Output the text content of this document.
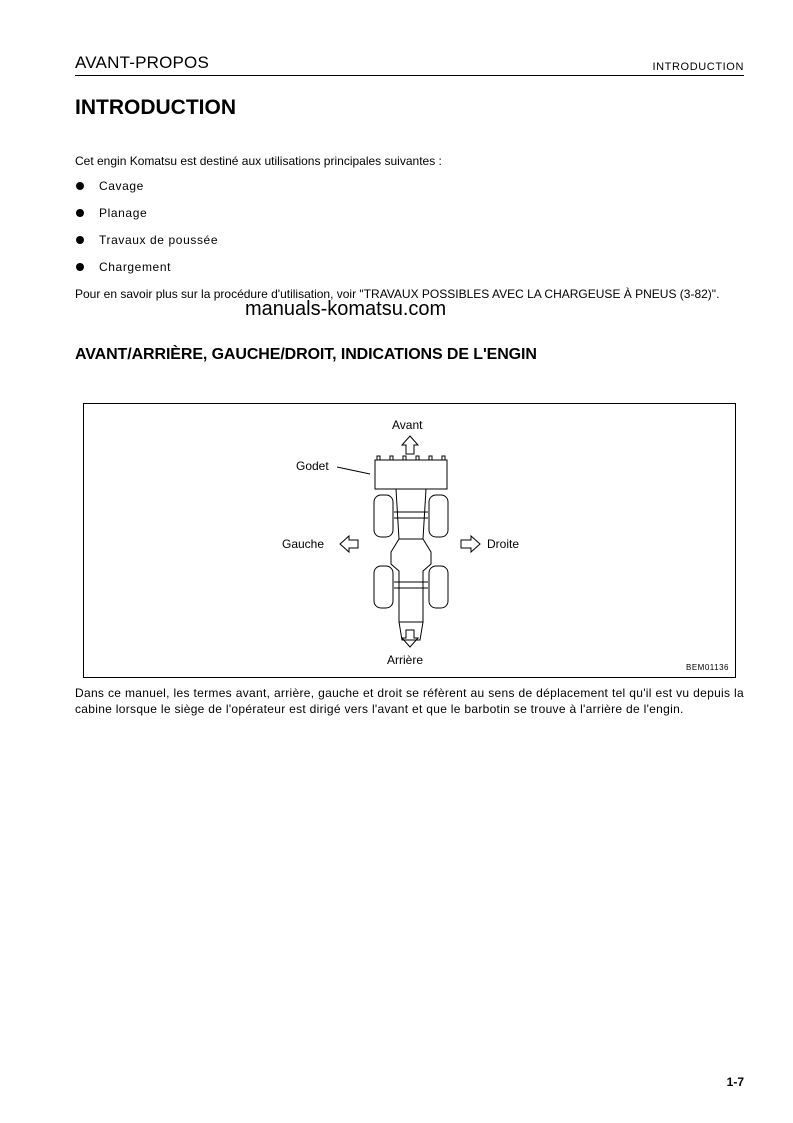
AVANT-PROPOS	INTRODUCTION
INTRODUCTION
Cet engin Komatsu est destiné aux utilisations principales suivantes :
Cavage
Planage
Travaux de poussée
Chargement
Pour en savoir plus sur la procédure d'utilisation, voir "TRAVAUX POSSIBLES AVEC LA CHARGEUSE À PNEUS (3-82)".
manuals-komatsu.com
AVANT/ARRIÈRE, GAUCHE/DROIT, INDICATIONS DE L'ENGIN
Avant
Godet
Gauche	Droite
Arrière
BEM01136
Dans ce manuel, les termes avant, arrière, gauche et droit se réfèrent au sens de déplacement tel qu'il est vu depuis la cabine lorsque le siège de l'opérateur est dirigé vers l'avant et que le barbotin se trouve à l'arrière de l'engin.
1-7
